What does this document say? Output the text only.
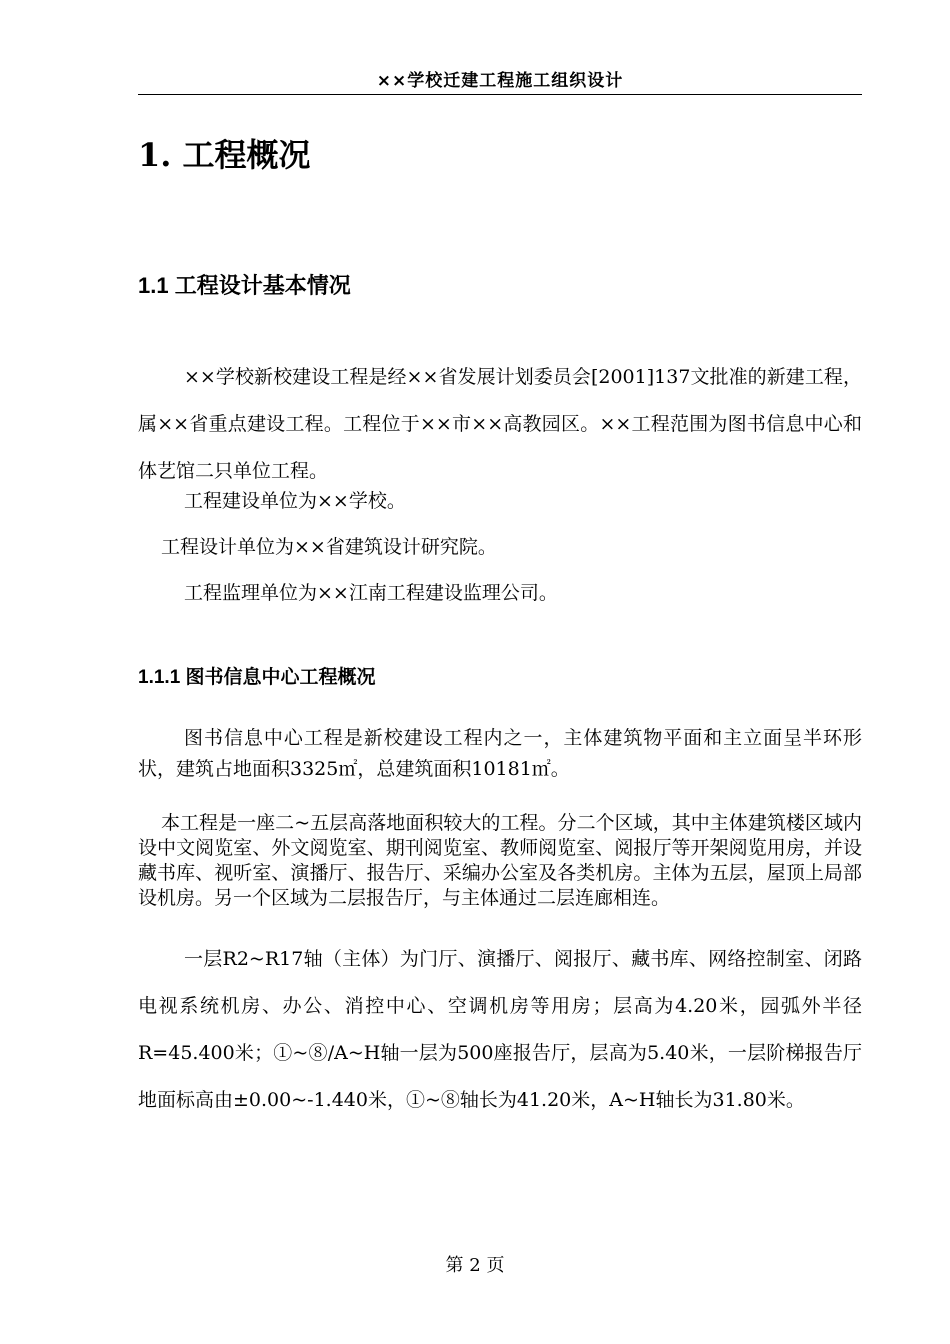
××学校迁建工程施工组织设计
1. 工程概况
1.1 工程设计基本情况

××学校新校建设工程是经××省发展计划委员会[2001]137文批准的新建工程，属××省重点建设工程。工程位于××市××高教园区。××工程范围为图书信息中心和体艺馆二只单位工程。

工程建设单位为××学校。

工程设计单位为××省建筑设计研究院。

工程监理单位为××江南工程建设监理公司。

1.1.1 图书信息中心工程概况

图书信息中心工程是新校建设工程内之一，主体建筑物平面和主立面呈半环形状，建筑占地面积3325㎡，总建筑面积10181㎡。

本工程是一座二~五层高落地面积较大的工程。分二个区域，其中主体建筑楼区域内设中文阅览室、外文阅览室、期刊阅览室、教师阅览室、阅报厅等开架阅览用房，并设藏书库、视听室、演播厅、报告厅、采编办公室及各类机房。主体为五层，屋顶上局部设机房。另一个区域为二层报告厅，与主体通过二层连廊相连。

一层R2~R17轴（主体）为门厅、演播厅、阅报厅、藏书库、网络控制室、闭路电视系统机房、办公、消控中心、空调机房等用房；层高为4.20米，园弧外半径R=45.400米；①~⑧/A~H轴一层为500座报告厅，层高为5.40米，一层阶梯报告厅地面标高由±0.00~-1.440米，①~⑧轴长为41.20米，A~H轴长为31.80米。

第 2 页
